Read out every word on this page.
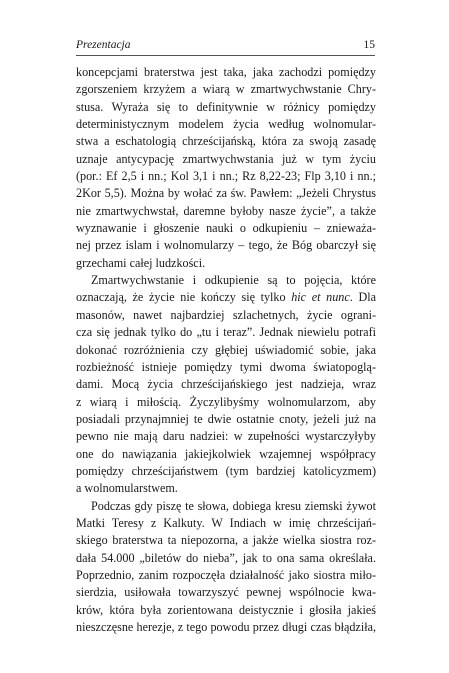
Prezentacja	15
koncepcjami braterstwa jest taka, jaka zachodzi pomiędzy
zgorszeniem krzyżem a wiarą w zmartwychwstanie Chry-
stusa. Wyraża się to definitywnie w różnicy pomiędzy
deterministycznym modelem życia według wolnomular-
stwa a eschatologią chrześcijańską, która za swoją zasadę
uznaje antycypację zmartwychwstania już w tym życiu
(por.: Ef 2,5 i nn.; Kol 3,1 i nn.; Rz 8,22-23; Flp 3,10 i nn.;
2Kor 5,5). Można by wołać za św. Pawłem: „Jeżeli Chrystus
nie zmartwychwstał, daremne byłoby nasze życie”, a także
wyznawanie i głoszenie nauki o odkupieniu – znieważa-
nej przez islam i wolnomularzy – tego, że Bóg obarczył się
grzechami całej ludzkości.
Zmartwychwstanie i odkupienie są to pojęcia, które
oznaczają, że życie nie kończy się tylko hic et nunc. Dla
masonów, nawet najbardziej szlachetnych, życie ograni-
cza się jednak tylko do „tu i teraz”. Jednak niewielu potrafi
dokonać rozróżnienia czy głębiej uświadomić sobie, jaka
rozbieżność istnieje pomiędzy tymi dwoma światopoglą-
dami. Mocą życia chrześcijańskiego jest nadzieja, wraz
z wiarą i miłością. Życzylibyśmy wolnomularzom, aby
posiadali przynajmniej te dwie ostatnie cnoty, jeżeli już na
pewno nie mają daru nadziei: w zupełności wystarczyłyby
one do nawiązania jakiejkolwiek wzajemnej współpracy
pomiędzy chrześcijaństwem (tym bardziej katolicyzmem)
a wolnomularstwem.
Podczas gdy piszę te słowa, dobiega kresu ziemski żywot
Matki Teresy z Kalkuty. W Indiach w imię chrześcijań-
skiego braterstwa ta niepozorna, a jakże wielka siostra roz-
dała 54.000 „biletów do nieba”, jak to ona sama określała.
Poprzednio, zanim rozpoczęła działalność jako siostra miło-
sierdzia, usiłowała towarzyszyć pewnej wspólnocie kwa-
krów, która była zorientowana deistycznie i głosiła jakieś
nieszczęsne herezje, z tego powodu przez długi czas błądziła,
